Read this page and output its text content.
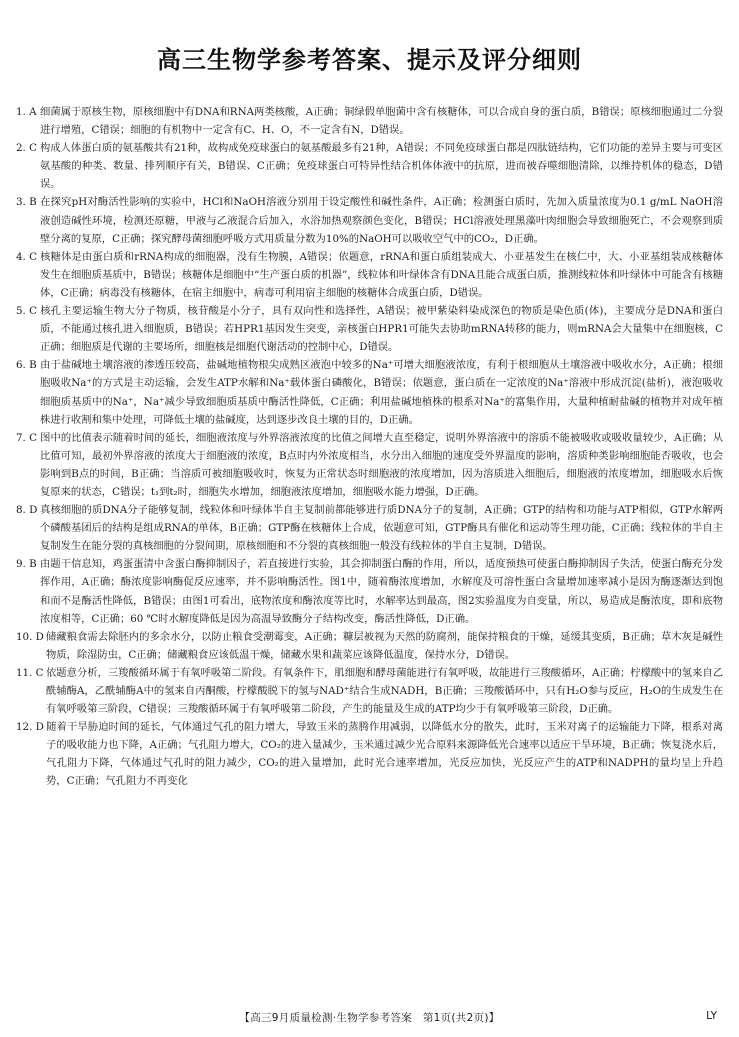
高三生物学参考答案、提示及评分细则

1. A 细菌属于原核生物，原核细胞中有DNA和RNA两类核酸，A正确；铜绿假单胞菌中含有核糖体，可以合成自身的蛋白质，B错误；原核细胞通过二分裂进行增殖，C错误；细胞的有机物中一定含有C、H、O，不一定含有N，D错误。

2. C 构成人体蛋白质的氨基酸共有21种，故构成免疫球蛋白的氨基酸最多有21种，A错误；不同免疫球蛋白都是四肽链结构，它们功能的差异主要与可变区氨基酸的种类、数量、排列顺序有关，B错误、C正确；免疫球蛋白可特异性结合机体体液中的抗原，进而被吞噬细胞清除，以维持机体的稳态，D错误。

3. B 在探究pH对酶活性影响的实验中，HCl和NaOH溶液分别用于设定酸性和碱性条件，A正确；检测蛋白质时，先加入质量浓度为0.1 g/mL NaOH溶液创造碱性环境，检测还原糖，甲液与乙液混合后加入，水浴加热观察颜色变化，B错误；HCl溶液处理黑藻叶肉细胞会导致细胞死亡，不会观察到质壁分离的复原，C正确；探究酵母菌细胞呼吸方式用质量分数为10%的NaOH可以吸收空气中的CO₂，D正确。

4. C 核糖体是由蛋白质和rRNA构成的细胞器，没有生物膜，A错误；依题意，rRNA和蛋白质组装成大、小亚基发生在核仁中，大、小亚基组装成核糖体发生在细胞质基质中，B错误；核糖体是细胞中“生产蛋白质的机器”，线粒体和叶绿体含有DNA且能合成蛋白质，推测线粒体和叶绿体中可能含有核糖体，C正确；病毒没有核糖体，在宿主细胞中，病毒可利用宿主细胞的核糖体合成蛋白质，D错误。

5. C 核孔主要运输生物大分子物质，核苷酸是小分子，具有双向性和选择性，A错误；被甲紫染料染成深色的物质是染色质(体)，主要成分是DNA和蛋白质，不能通过核孔进入细胞质，B错误；若HPR1基因发生突变，亲核蛋白HPR1可能失去协助mRNA转移的能力，则mRNA会大量集中在细胞核，C正确；细胞质是代谢的主要场所，细胞核是细胞代谢活动的控制中心，D错误。

6. B 由于盐碱地土壤溶液的渗透压较高，盐碱地植物根尖成熟区液泡中较多的Na⁺可增大细胞液浓度，有利于根细胞从土壤溶液中吸收水分，A正确；根细胞吸收Na⁺的方式是主动运输，会发生ATP水解和Na⁺载体蛋白磷酸化，B错误；依题意，蛋白质在一定浓度的Na⁺溶液中形成沉淀(盐析)，液泡吸收细胞质基质中的Na⁺，Na⁺减少导致细胞质基质中酶活性降低，C正确；利用盐碱地植株的根系对Na⁺的富集作用，大量种植耐盐碱的植物并对成年植株进行收割和集中处理，可降低土壤的盐碱度，达到逐步改良土壤的目的，D正确。

7. C 图中的比值表示随着时间的延长，细胞液浓度与外界溶液浓度的比值之间增大直至稳定，说明外界溶液中的溶质不能被吸收或吸收量较少，A正确；从比值可知，最初外界溶液的浓度大于细胞液的浓度，B点时内外浓度相当，水分出入细胞的速度受外界温度的影响，溶质种类影响细胞能否吸收，也会影响到B点的时间，B正确；当溶质可被细胞吸收时，恢复为正常状态时细胞液的浓度增加，因为溶质进入细胞后，细胞液的浓度增加，细胞吸水后恢复原来的状态，C错误；t₁到t₂时，细胞失水增加，细胞液浓度增加，细胞吸水能力增强，D正确。

8. D 真核细胞的质DNA分子能够复制，线粒体和叶绿体半自主复制前都能够进行质DNA分子的复制，A正确；GTP的结构和功能与ATP相似，GTP水解两个磷酸基团后的结构是组成RNA的单体，B正确；GTP酶在核糖体上合成，依题意可知，GTP酶具有催化和运动等生理功能，C正确；线粒体的半自主复制发生在能分裂的真核细胞的分裂间期，原核细胞和不分裂的真核细胞一般没有线粒体的半自主复制，D错误。

9. B 由题干信息知，鸡蛋蛋清中含蛋白酶抑制因子，若直接进行实验，其会抑制蛋白酶的作用，所以，适度预热可使蛋白酶抑制因子失活，使蛋白酶充分发挥作用，A正确；酶浓度影响酶促反应速率，并不影响酶活性。图1中，随着酶浓度增加，水解度及可溶性蛋白含量增加速率减小是因为酶逐渐达到饱和而不是酶活性降低，B错误；由图1可看出，底物浓度和酶浓度等比时，水解率达到最高，图2实验温度为自变量，所以，易造成是酶浓度，即和底物浓度相等，C正确；60 ℃时水解度降低是因为高温导致酶分子结构改变，酶活性降低，D正确。

10. D 储藏粮食需去除胚内的多余水分，以防止粮食受潮霉变，A正确；糠层被视为天然的防腐剂，能保持粮食的干燥，延缓其变质，B正确；草木灰是碱性物质，除湿防虫，C正确；储藏粮食应该低温干燥，储藏水果和蔬菜应该降低温度，保持水分，D错误。

11. C 依题意分析，三羧酸循环属于有氧呼吸第二阶段。有氧条件下，肌细胞和酵母菌能进行有氧呼吸，故能进行三羧酸循环，A正确；柠檬酸中的氢来自乙酰辅酶A，乙酰辅酶A中的氢来自丙酮酸，柠檬酸脱下的氢与NAD⁺结合生成NADH，B正确；三羧酸循环中，只有H₂O参与反应，H₂O的生成发生在有氧呼吸第三阶段，C错误；三羧酸循环属于有氧呼吸第二阶段，产生的能量及生成的ATP均少于有氧呼吸第三阶段，D正确。

12. D 随着干旱胁迫时间的延长，气体通过气孔的阻力增大，导致玉米的蒸腾作用减弱，以降低水分的散失，此时，玉米对离子的运输能力下降，根系对离子的吸收能力也下降，A正确；气孔阻力增大，CO₂的进入量减少，玉米通过减少光合原料来源降低光合速率以适应干旱环境，B正确；恢复浇水后，气孔阻力下降，气体通过气孔时的阻力减少，CO₂的进入量增加，此时光合速率增加，光反应加快，光反应产生的ATP和NADPH的量均呈上升趋势，C正确；气孔阻力不再变化

【高三9月质量检测·生物学参考答案　第1页(共2页)】	LY
